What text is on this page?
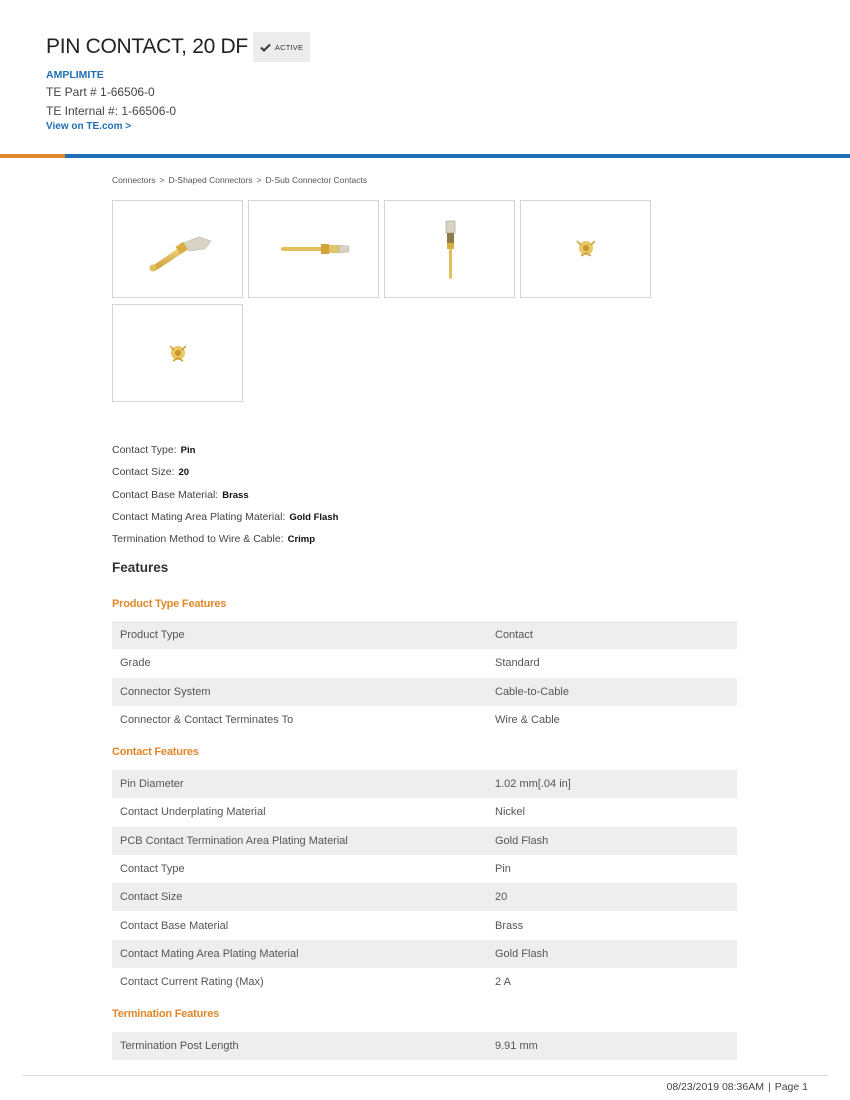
PIN CONTACT, 20 DF	ACTIVE
AMPLIMITE
TE Part # 1-66506-0
TE Internal #: 1-66506-0
View on TE.com >
Connectors > D-Shaped Connectors > D-Sub Connector Contacts
Contact Type: Pin
Contact Size: 20
Contact Base Material: Brass
Contact Mating Area Plating Material: Gold Flash
Termination Method to Wire & Cable: Crimp
Features
Product Type Features
Product Type	Contact
Grade	Standard
Connector System	Cable-to-Cable
Connector & Contact Terminates To	Wire & Cable
Contact Features
Pin Diameter	1.02 mm[.04 in]
Contact Underplating Material	Nickel
PCB Contact Termination Area Plating Material	Gold Flash
Contact Type	Pin
Contact Size	20
Contact Base Material	Brass
Contact Mating Area Plating Material	Gold Flash
Contact Current Rating (Max)	2 A
Termination Features
Termination Post Length	9.91 mm
08/23/2019 08:36AM | Page 1
